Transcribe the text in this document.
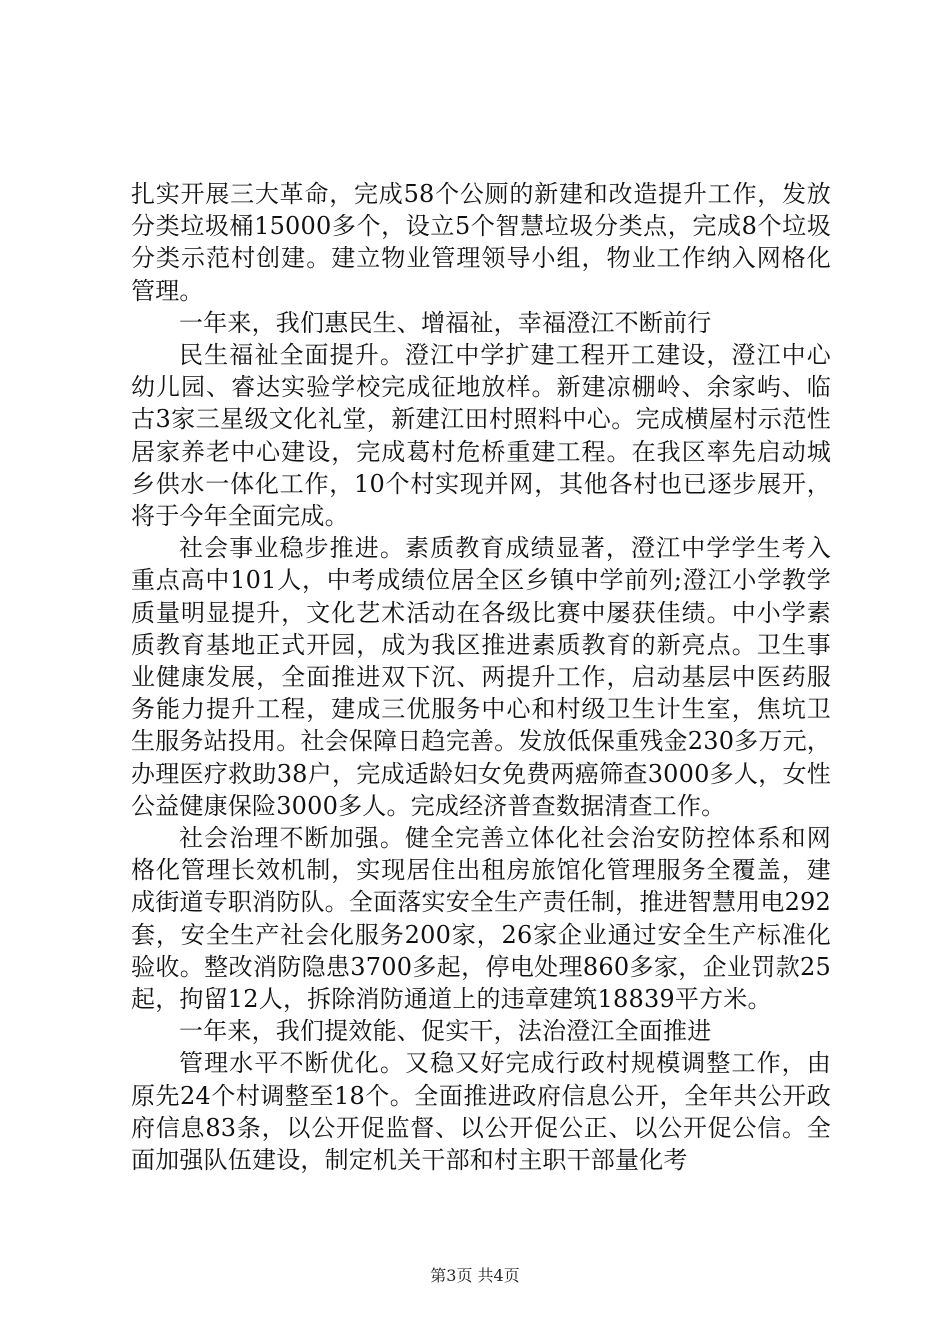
扎实开展三大革命，完成58个公厕的新建和改造提升工作，发放分类垃圾桶15000多个，设立5个智慧垃圾分类点，完成8个垃圾分类示范村创建。建立物业管理领导小组，物业工作纳入网格化管理。

一年来，我们惠民生、增福祉，幸福澄江不断前行

民生福祉全面提升。澄江中学扩建工程开工建设，澄江中心幼儿园、睿达实验学校完成征地放样。新建凉棚岭、余家屿、临古3家三星级文化礼堂，新建江田村照料中心。完成横屋村示范性居家养老中心建设，完成葛村危桥重建工程。在我区率先启动城乡供水一体化工作，10个村实现并网，其他各村也已逐步展开，将于今年全面完成。

社会事业稳步推进。素质教育成绩显著，澄江中学学生考入重点高中101人，中考成绩位居全区乡镇中学前列;澄江小学教学质量明显提升，文化艺术活动在各级比赛中屡获佳绩。中小学素质教育基地正式开园，成为我区推进素质教育的新亮点。卫生事业健康发展，全面推进双下沉、两提升工作，启动基层中医药服务能力提升工程，建成三优服务中心和村级卫生计生室，焦坑卫生服务站投用。社会保障日趋完善。发放低保重残金230多万元，办理医疗救助38户，完成适龄妇女免费两癌筛查3000多人，女性公益健康保险3000多人。完成经济普查数据清查工作。

社会治理不断加强。健全完善立体化社会治安防控体系和网格化管理长效机制，实现居住出租房旅馆化管理服务全覆盖，建成街道专职消防队。全面落实安全生产责任制，推进智慧用电292套，安全生产社会化服务200家，26家企业通过安全生产标准化验收。整改消防隐患3700多起，停电处理860多家，企业罚款25起，拘留12人，拆除消防通道上的违章建筑18839平方米。

一年来，我们提效能、促实干，法治澄江全面推进

管理水平不断优化。又稳又好完成行政村规模调整工作，由原先24个村调整至18个。全面推进政府信息公开，全年共公开政府信息83条，以公开促监督、以公开促公正、以公开促公信。全面加强队伍建设，制定机关干部和村主职干部量化考

第3页 共4页
